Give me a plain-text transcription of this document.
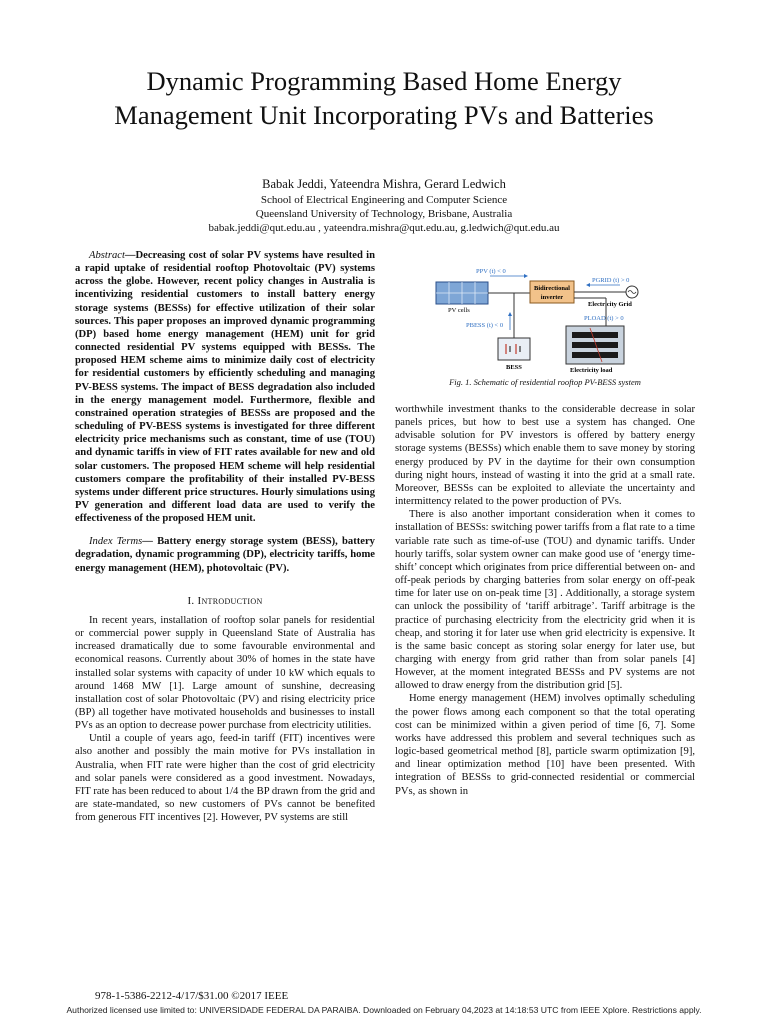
Dynamic Programming Based Home Energy
Management Unit Incorporating PVs and Batteries
Babak Jeddi, Yateendra Mishra, Gerard Ledwich
School of Electrical Engineering and Computer Science
Queensland University of Technology, Brisbane, Australia
babak.jeddi@qut.edu.au , yateendra.mishra@qut.edu.au, g.ledwich@qut.edu.au

Abstract—Decreasing cost of solar PV systems have resulted in a rapid uptake of residential rooftop Photovoltaic (PV) systems across the globe. However, recent policy changes in Australia is incentivizing residential customers to install battery energy storage systems (BESSs) for effective utilization of their solar sources. This paper proposes an improved dynamic programming (DP) based home energy management (HEM) unit for grid connected residential PV systems equipped with BESSs. The proposed HEM scheme aims to minimize daily cost of electricity for residential customers by efficiently scheduling and managing PV-BESS systems. The impact of BESS degradation also included in the energy management model. Furthermore, flexible and constrained operation strategies of BESSs are proposed and the scheduling of PV-BESS systems is investigated for three different electricity price mechanisms such as constant, time of use (TOU) and dynamic tariffs in view of FIT rates available for new and old solar customers. The proposed HEM scheme will help residential customers compare the profitability of their installed PV-BESS systems under different price structures. Hourly simulations using PV generation and different load data are used to verify the effectiveness of the proposed HEM unit.

Index Terms— Battery energy storage system (BESS), battery degradation, dynamic programming (DP), electricity tariffs, home energy management (HEM), photovoltaic (PV).

I. Introduction

In recent years, installation of rooftop solar panels for residential or commercial power supply in Queensland State of Australia has increased dramatically due to some favourable environmental and economical reasons. Currently about 30% of homes in the state have installed solar systems with capacity of under 10 kW which equals to around 1468 MW [1]. Large amount of sunshine, decreasing installation cost of solar Photovoltaic (PV) and rising electricity price (BP) all together have motivated households and businesses to install PVs as an option to decrease power purchase from electricity utilities.

Until a couple of years ago, feed-in tariff (FIT) incentives were also another and possibly the main motive for PVs installation in Australia, when FIT rate were higher than the cost of grid electricity and solar panels were considered as a good investment. Nowadays, FIT rate has been reduced to about 1/4 the BP drawn from the grid and are state-mandated, so new customers of PVs cannot be benefited from generous FIT incentives [2]. However, PV systems are still

PV cells
PPV (t) < 0
Bidirectional
inverter
PGRID (t) > 0
Electricity Grid
PBESS (t) < 0
BESS
PLOAD (t) > 0
Electricity load
Fig. 1. Schematic of residential rooftop PV-BESS system

worthwhile investment thanks to the considerable decrease in solar panels prices, but how to best use a system has changed. One advisable solution for PV investors is offered by battery energy storage systems (BESSs) which enable them to save money by storing energy produced by PV in the daytime for their own consumption during night hours, instead of wasting it into the grid at a small rate. Moreover, BESSs can be exploited to alleviate the uncertainty and intermittency related to the power production of PVs.

There is also another important consideration when it comes to installation of BESSs: switching power tariffs from a flat rate to a time variable rate such as time-of-use (TOU) and dynamic tariffs. Under hourly tariffs, solar system owner can make good use of ‘energy time-shift’ concept which originates from price differential between on- and off-peak periods by charging batteries from solar energy on off-peak time for later use on on-peak time [3] . Additionally, a storage system can unlock the possibility of ‘tariff arbitrage’. Tariff arbitrage is the practice of purchasing electricity from the electricity grid when it is cheap, and storing it for later use when grid electricity is expensive. It is the same basic concept as storing solar energy for later use, but charging with energy from grid rather than from solar panels [4] However, at the moment integrated BESSs and PV systems are not allowed to draw energy from the distribution grid [5].

Home energy management (HEM) involves optimally scheduling the power flows among each component so that the total operating cost can be minimized within a given period of time [6, 7]. Some works have addressed this problem and several techniques such as logic-based geometrical method [8], particle swarm optimization [9], and linear optimization method [10] have been presented. With integration of BESSs to grid-connected residential or commercial PVs, as shown in

978-1-5386-2212-4/17/$31.00 ©2017 IEEE
Authorized licensed use limited to: UNIVERSIDADE FEDERAL DA PARAIBA. Downloaded on February 04,2023 at 14:18:53 UTC from IEEE Xplore. Restrictions apply.
